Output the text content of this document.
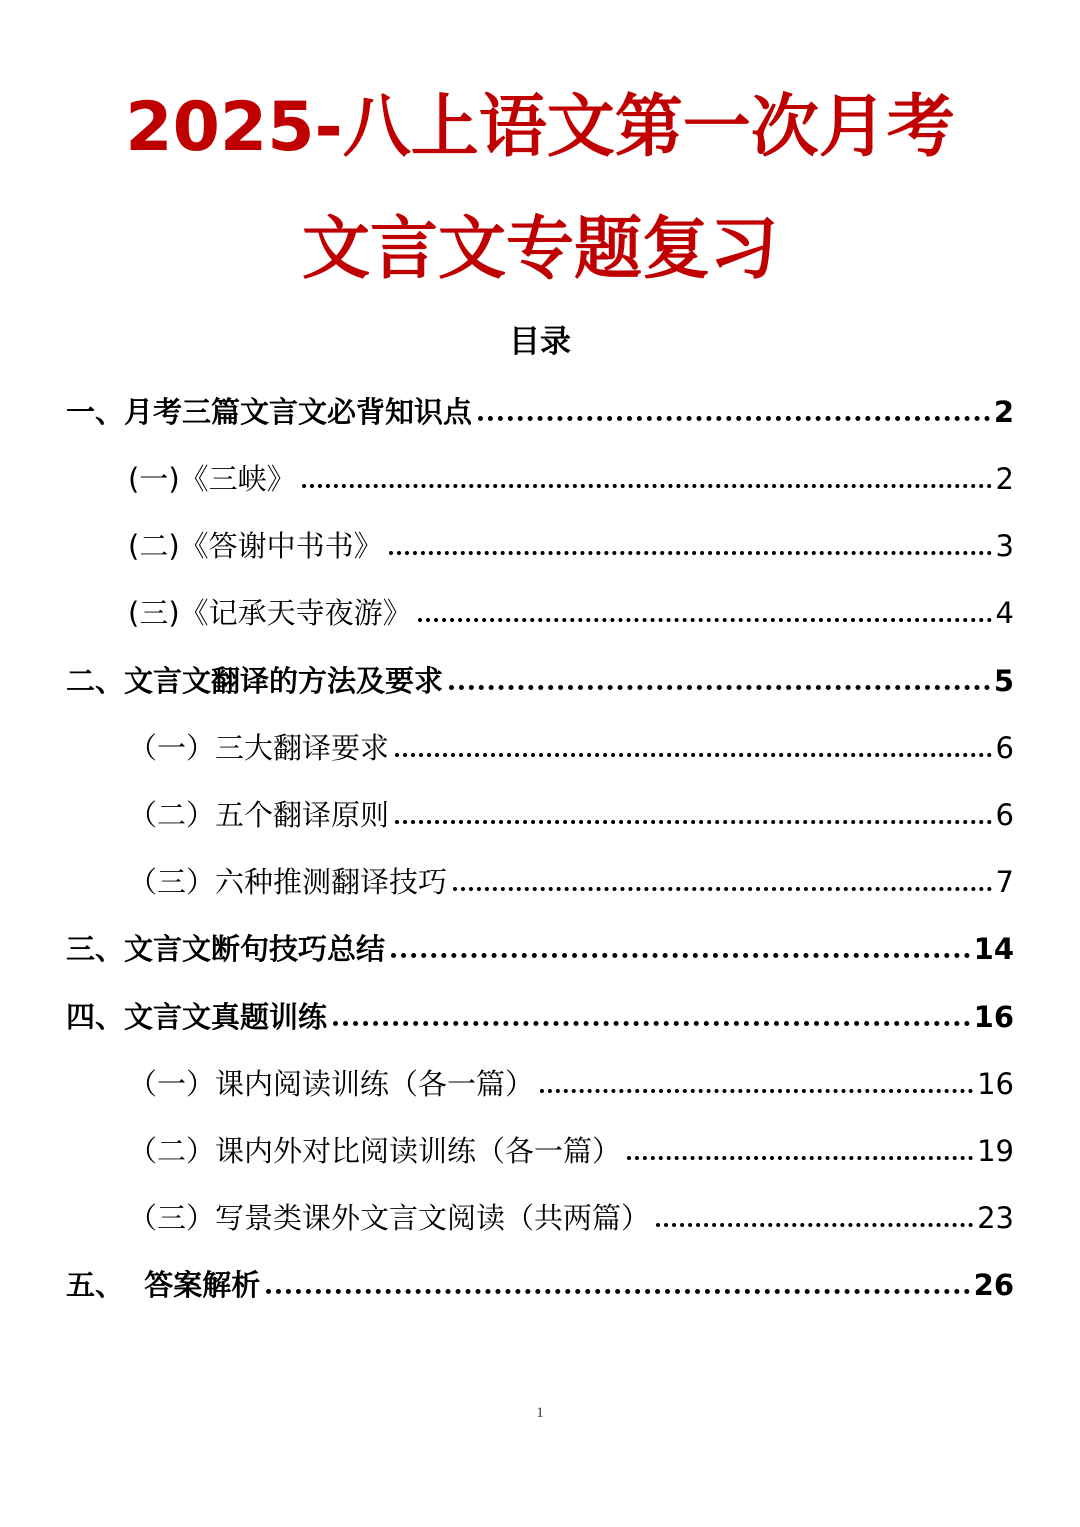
2025-八上语文第一次月考
文言文专题复习
目录
一、月考三篇文言文必背知识点	2
(一)《三峡》	2
(二)《答谢中书书》	3
(三)《记承天寺夜游》	4
二、文言文翻译的方法及要求	5
（一）三大翻译要求	6
（二）五个翻译原则	6
（三）六种推测翻译技巧	7
三、文言文断句技巧总结	14
四、文言文真题训练	16
（一）课内阅读训练（各一篇）	16
（二）课内外对比阅读训练（各一篇）	19
（三）写景类课外文言文阅读（共两篇）	23
五、  答案解析	26
1
